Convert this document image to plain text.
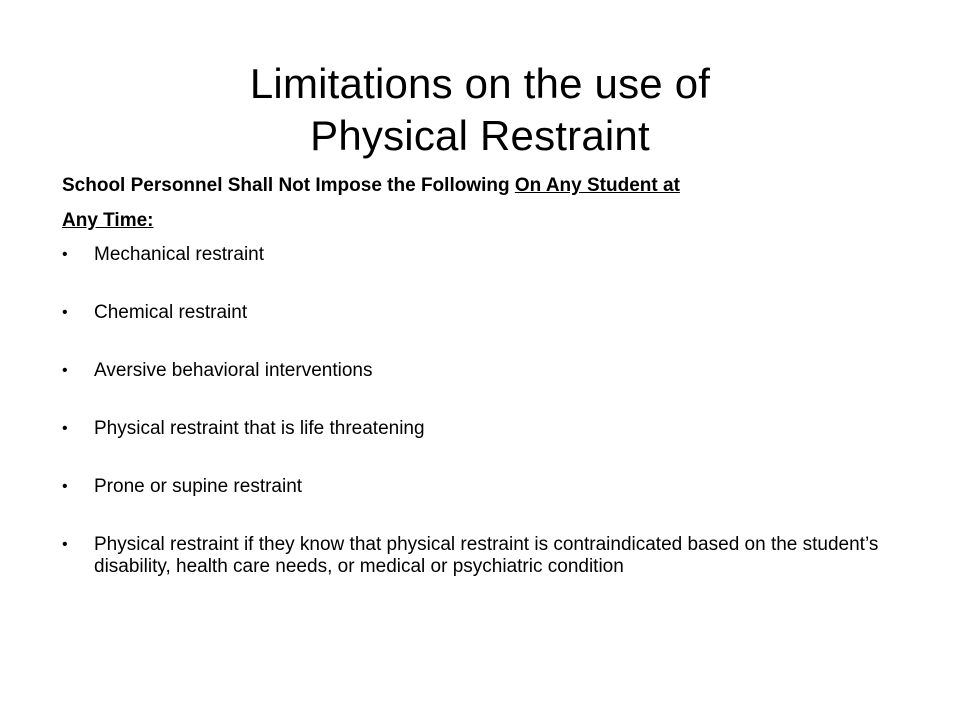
Limitations on the use of
Physical Restraint
School Personnel Shall Not Impose the Following On Any Student at
Any Time:
•	Mechanical restraint
•	Chemical restraint
•	Aversive behavioral interventions
•	Physical restraint that is life threatening
•	Prone or supine restraint
•	Physical restraint if they know that physical restraint is contraindicated based on the student’s disability, health care needs, or medical or psychiatric condition
